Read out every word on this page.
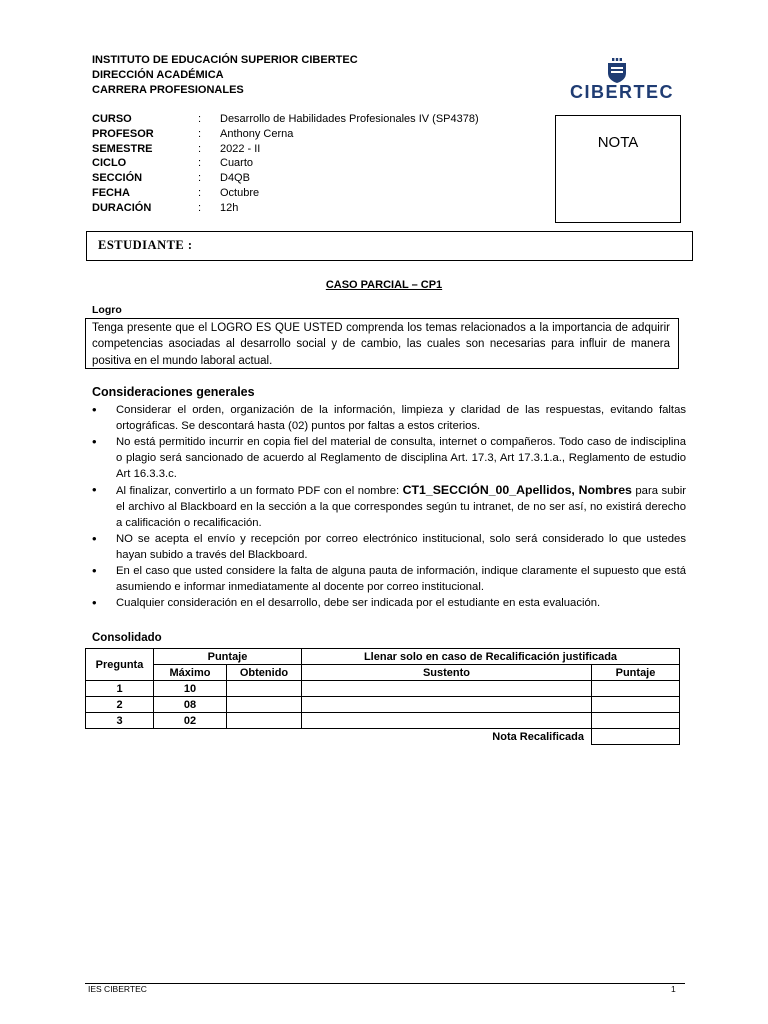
INSTITUTO DE EDUCACIÓN SUPERIOR CIBERTEC
DIRECCIÓN ACADÉMICA
CARRERA PROFESIONALES	CIBERTEC
CURSO	: Desarrollo de Habilidades Profesionales IV (SP4378)
PROFESOR	: Anthony Cerna
SEMESTRE	: 2022 - II
CICLO	: Cuarto
SECCIÓN	: D4QB
FECHA	: Octubre
DURACIÓN	: 12h
NOTA
ESTUDIANTE :
CASO PARCIAL – CP1
Logro
Tenga presente que el LOGRO ES QUE USTED comprenda los temas relacionados a la importancia de adquirir competencias asociadas al desarrollo social y de cambio, las cuales son necesarias para influir de manera positiva en el mundo laboral actual.
Consideraciones generales
• Considerar el orden, organización de la información, limpieza y claridad de las respuestas, evitando faltas ortográficas. Se descontará hasta (02) puntos por faltas a estos criterios.
• No está permitido incurrir en copia fiel del material de consulta, internet o compañeros. Todo caso de indisciplina o plagio será sancionado de acuerdo al Reglamento de disciplina Art. 17.3, Art 17.3.1.a., Reglamento de estudio Art 16.3.3.c.
• Al finalizar, convertirlo a un formato PDF con el nombre: CT1_SECCIÓN_00_Apellidos, Nombres para subir el archivo al Blackboard en la sección a la que correspondes según tu intranet, de no ser así, no existirá derecho a calificación o recalificación.
• NO se acepta el envío y recepción por correo electrónico institucional, solo será considerado lo que ustedes hayan subido a través del Blackboard.
• En el caso que usted considere la falta de alguna pauta de información, indique claramente el supuesto que está asumiendo e informar inmediatamente al docente por correo institucional.
• Cualquier consideración en el desarrollo, debe ser indicada por el estudiante en esta evaluación.
Consolidado
Pregunta	Puntaje		Llenar solo en caso de Recalificación justificada	
	Máximo	Obtenido	Sustento	Puntaje
1	10			
2	08			
3	02			
Nota Recalificada				
IES CIBERTEC	1
